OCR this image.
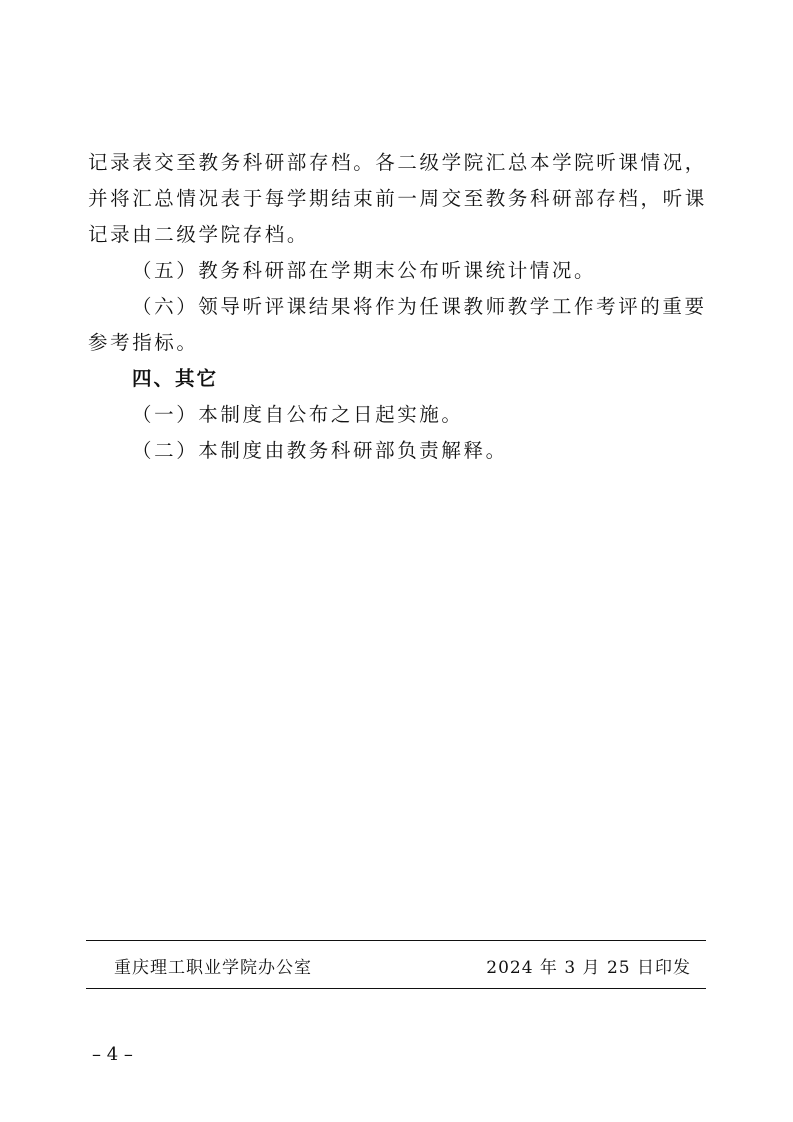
记录表交至教务科研部存档。各二级学院汇总本学院听课情况，并将汇总情况表于每学期结束前一周交至教务科研部存档，听课记录由二级学院存档。

（五）教务科研部在学期末公布听课统计情况。

（六）领导听评课结果将作为任课教师教学工作考评的重要参考指标。

四、其它

（一）本制度自公布之日起实施。

（二）本制度由教务科研部负责解释。

重庆理工职业学院办公室	2024 年 3 月 25 日印发
– 4 –
